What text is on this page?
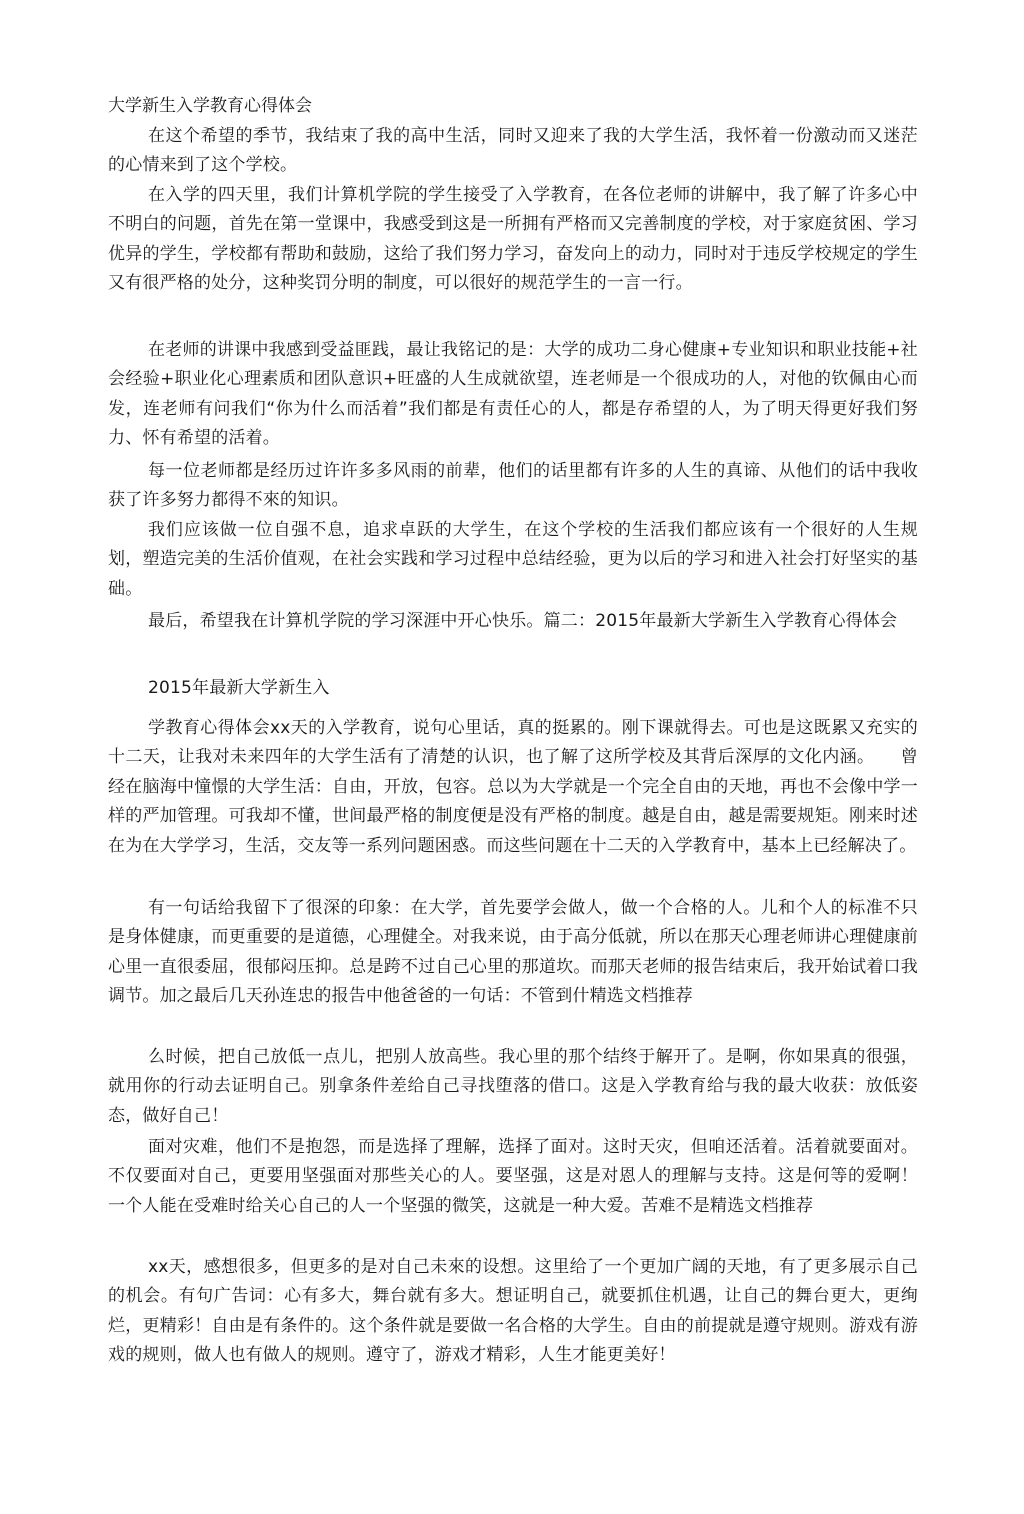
大学新生入学教育心得体会

在这个希望的季节，我结束了我的高中生活，同时又迎来了我的大学生活，我怀着一份激动而又迷茫的心情来到了这个学校。

在入学的四天里，我们计算机学院的学生接受了入学教育，在各位老师的讲解中，我了解了许多心中不明白的问题，首先在第一堂课中，我感受到这是一所拥有严格而又完善制度的学校，对于家庭贫困、学习优异的学生，学校都有帮助和鼓励，这给了我们努力学习，奋发向上的动力，同时对于违反学校规定的学生又有很严格的处分，这种奖罚分明的制度，可以很好的规范学生的一言一行。

在老师的讲课中我感到受益匪践，最让我铭记的是：大学的成功二身心健康+专业知识和职业技能+社会经验+职业化心理素质和团队意识+旺盛的人生成就欲望，连老师是一个很成功的人，对他的钦佩由心而发，连老师有问我们“你为什么而活着”我们都是有责任心的人，都是存希望的人，为了明天得更好我们努力、怀有希望的活着。

每一位老师都是经历过许许多多风雨的前辈，他们的话里都有许多的人生的真谛、从他们的话中我收获了许多努力都得不來的知识。

我们应该做一位自强不息，追求卓跃的大学生，在这个学校的生活我们都应该有一个很好的人生规划，塑造完美的生活价值观，在社会实践和学习过程中总结经验，更为以后的学习和进入社会打好坚实的基础。

最后，希望我在计算机学院的学习深涯中开心快乐。篇二：2015年最新大学新生入学教育心得体会

2015年最新大学新生入

学教育心得体会xx天的入学教育，说句心里话，真的挺累的。刚下课就得去。可也是这既累又充实的十二天，让我对未来四年的大学生活有了清楚的认识，也了解了这所学校及其背后深厚的文化内涵。　　曾经在脑海中憧憬的大学生活：自由，开放，包容。总以为大学就是一个完全自由的天地，再也不会像中学一样的严加管理。可我却不懂，世间最严格的制度便是没有严格的制度。越是自由，越是需要规矩。刚来时述在为在大学学习，生活，交友等一系列问题困惑。而这些问题在十二天的入学教育中，基本上已经解决了。

有一句话给我留下了很深的印象：在大学，首先要学会做人，做一个合格的人。儿和个人的标准不只是身体健康，而更重要的是道德，心理健全。对我来说，由于高分低就，所以在那天心理老师讲心理健康前心里一直很委屈，很郁闷压抑。总是跨不过自己心里的那道坎。而那天老师的报告结束后，我开始试着口我调节。加之最后几天孙连忠的报告中他爸爸的一句话：不管到什精选文档推荐

么时候，把自己放低一点儿，把别人放高些。我心里的那个结终于解开了。是啊，你如果真的很强，就用你的行动去证明自己。别拿条件差给自己寻找堕落的借口。这是入学教育给与我的最大收获：放低姿态，做好自己！

面对灾难，他们不是抱怨，而是选择了理解，选择了面对。这时天灾，但咱还活着。活着就要面对。不仅要面对自己，更要用坚强面对那些关心的人。要坚强，这是对恩人的理解与支持。这是何等的爱啊！　　一个人能在受难时给关心自己的人一个坚强的微笑，这就是一种大爱。苦难不是精选文档推荐

xx天，感想很多，但更多的是对自己未來的设想。这里给了一个更加广阔的天地，有了更多展示自己的机会。有句广告词：心有多大，舞台就有多大。想证明自己，就要抓住机遇，让自己的舞台更大，更绚烂，更精彩！自由是有条件的。这个条件就是要做一名合格的大学生。自由的前提就是遵守规则。游戏有游戏的规则，做人也有做人的规则。遵守了，游戏才精彩，人生才能更美好！
